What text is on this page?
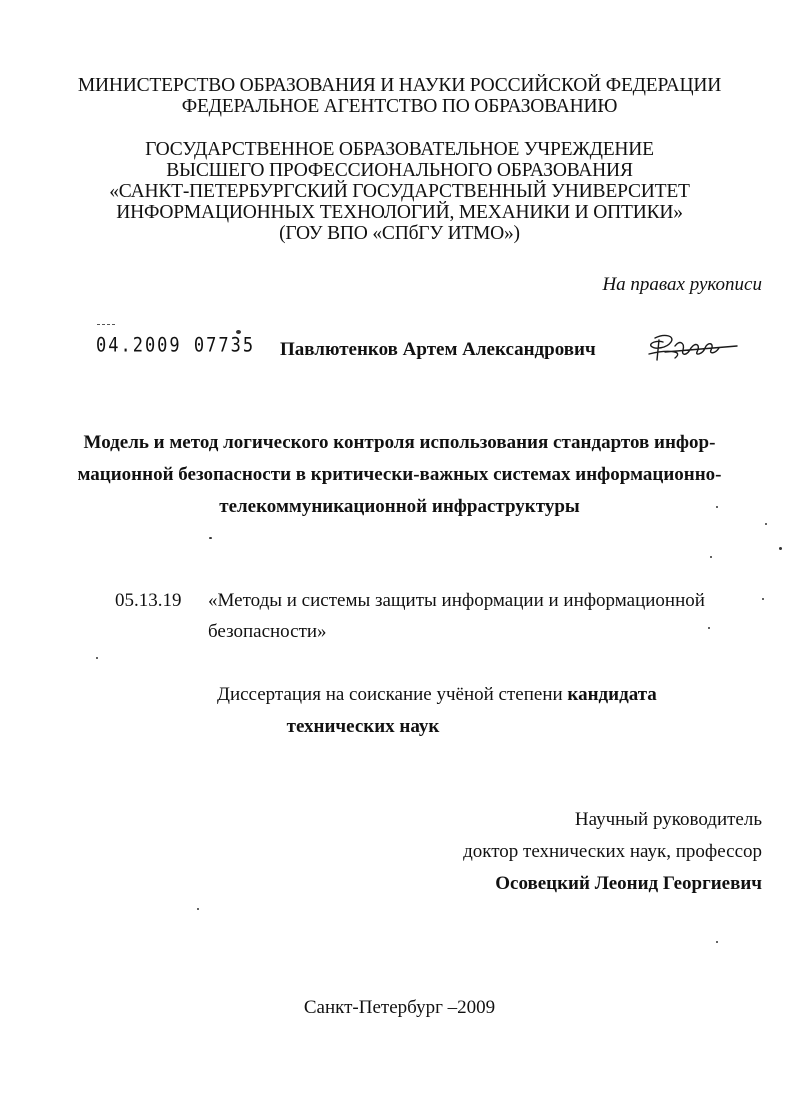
МИНИСТЕРСТВО ОБРАЗОВАНИЯ И НАУКИ РОССИЙСКОЙ ФЕДЕРАЦИИ
ФЕДЕРАЛЬНОЕ АГЕНТСТВО ПО ОБРАЗОВАНИЮ
ГОСУДАРСТВЕННОЕ ОБРАЗОВАТЕЛЬНОЕ УЧРЕЖДЕНИЕ
ВЫСШЕГО ПРОФЕССИОНАЛЬНОГО ОБРАЗОВАНИЯ
«САНКТ-ПЕТЕРБУРГСКИЙ ГОСУДАРСТВЕННЫЙ УНИВЕРСИТЕТ
ИНФОРМАЦИОННЫХ ТЕХНОЛОГИЙ, МЕХАНИКИ И ОПТИКИ»
(ГОУ ВПО «СПбГУ ИТМО»)
На правах рукописи
04.2009 07735 Павлютенков Артем Александрович
Модель и метод логического контроля использования стандартов инфор-
мационной безопасности в критически-важных системах информационно-
телекоммуникационной инфраструктуры
05.13.19 «Методы и системы защиты информации и информационной
безопасности»
Диссертация на соискание учёной степени кандидата
технических наук
Научный руководитель
доктор технических наук, профессор
Осовецкий Леонид Георгиевич
Санкт-Петербург –2009
